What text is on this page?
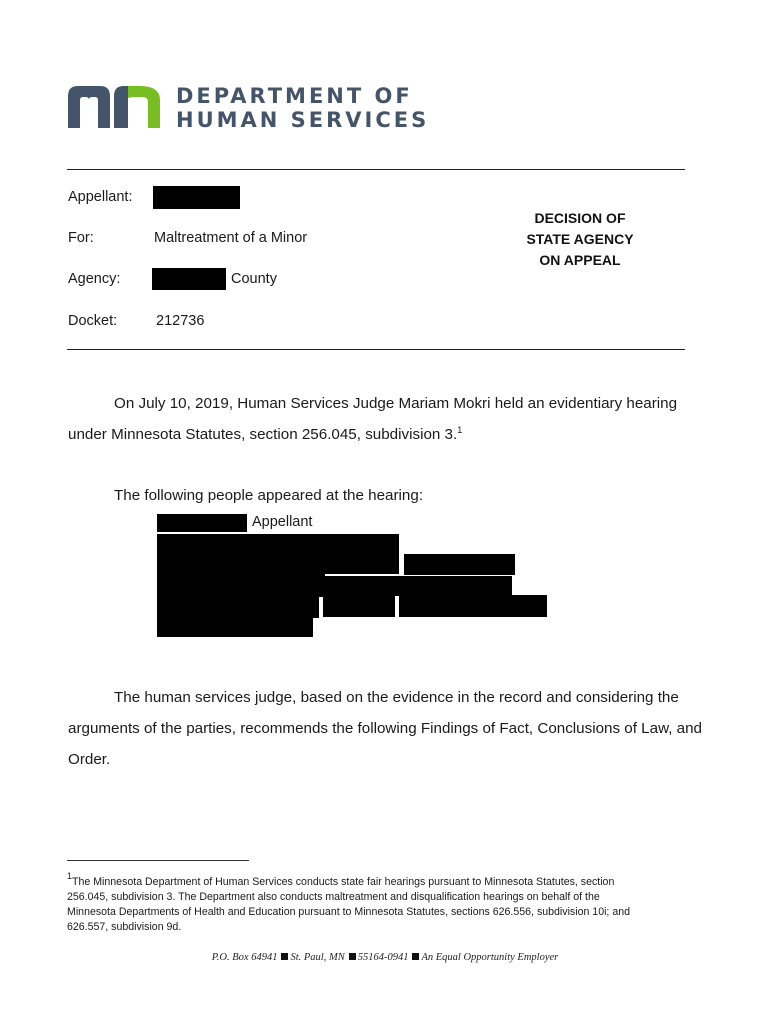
DEPARTMENT OF
HUMAN SERVICES
Appellant:
For:	Maltreatment of a Minor
Agency:	County
Docket:	212736
DECISION OF
STATE AGENCY
ON APPEAL
On July 10, 2019, Human Services Judge Mariam Mokri held an evidentiary hearing
under Minnesota Statutes, section 256.045, subdivision 3.$^1$
The following people appeared at the hearing:
Appellant
The human services judge, based on the evidence in the record and considering the
arguments of the parties, recommends the following Findings of Fact, Conclusions of Law, and
Order.
$^1$The Minnesota Department of Human Services conducts state fair hearings pursuant to Minnesota Statutes, section
256.045, subdivision 3. The Department also conducts maltreatment and disqualification hearings on behalf of the
Minnesota Departments of Health and Education pursuant to Minnesota Statutes, sections 626.556, subdivision 10i; and
626.557, subdivision 9d.
P.O. Box 64941 St. Paul, MN 55164-0941 An Equal Opportunity Employer
